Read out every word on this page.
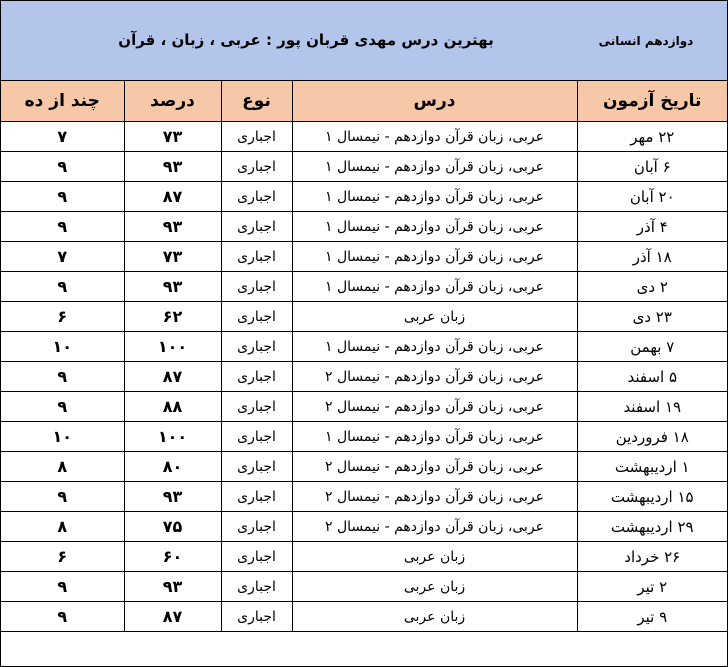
بهترین درس مهدی قربان پور : عربی ، زبان ، قرآن	دوازدهم انسانی
چند از ده	درصد	نوع	درس	تاریخ آزمون
۷	۷۳	اجباری	عربی، زبان قرآن دوازدهم - نیمسال ۱	۲۲ مهر
۹	۹۳	اجباری	عربی، زبان قرآن دوازدهم - نیمسال ۱	۶ آبان
۹	۸۷	اجباری	عربی، زبان قرآن دوازدهم - نیمسال ۱	۲۰ آبان
۹	۹۳	اجباری	عربی، زبان قرآن دوازدهم - نیمسال ۱	۴ آذر
۷	۷۳	اجباری	عربی، زبان قرآن دوازدهم - نیمسال ۱	۱۸ آذر
۹	۹۳	اجباری	عربی، زبان قرآن دوازدهم - نیمسال ۱	۲ دی
۶	۶۲	اجباری	زبان عربی	۲۳ دی
۱۰	۱۰۰	اجباری	عربی، زبان قرآن دوازدهم - نیمسال ۱	۷ بهمن
۹	۸۷	اجباری	عربی، زبان قرآن دوازدهم - نیمسال ۲	۵ اسفند
۹	۸۸	اجباری	عربی، زبان قرآن دوازدهم - نیمسال ۲	۱۹ اسفند
۱۰	۱۰۰	اجباری	عربی، زبان قرآن دوازدهم - نیمسال ۱	۱۸ فروردین
۸	۸۰	اجباری	عربی، زبان قرآن دوازدهم - نیمسال ۲	۱ اردیبهشت
۹	۹۳	اجباری	عربی، زبان قرآن دوازدهم - نیمسال ۲	۱۵ اردیبهشت
۸	۷۵	اجباری	عربی، زبان قرآن دوازدهم - نیمسال ۲	۲۹ اردیبهشت
۶	۶۰	اجباری	زبان عربی	۲۶ خرداد
۹	۹۳	اجباری	زبان عربی	۲ تیر
۹	۸۷	اجباری	زبان عربی	۹ تیر
